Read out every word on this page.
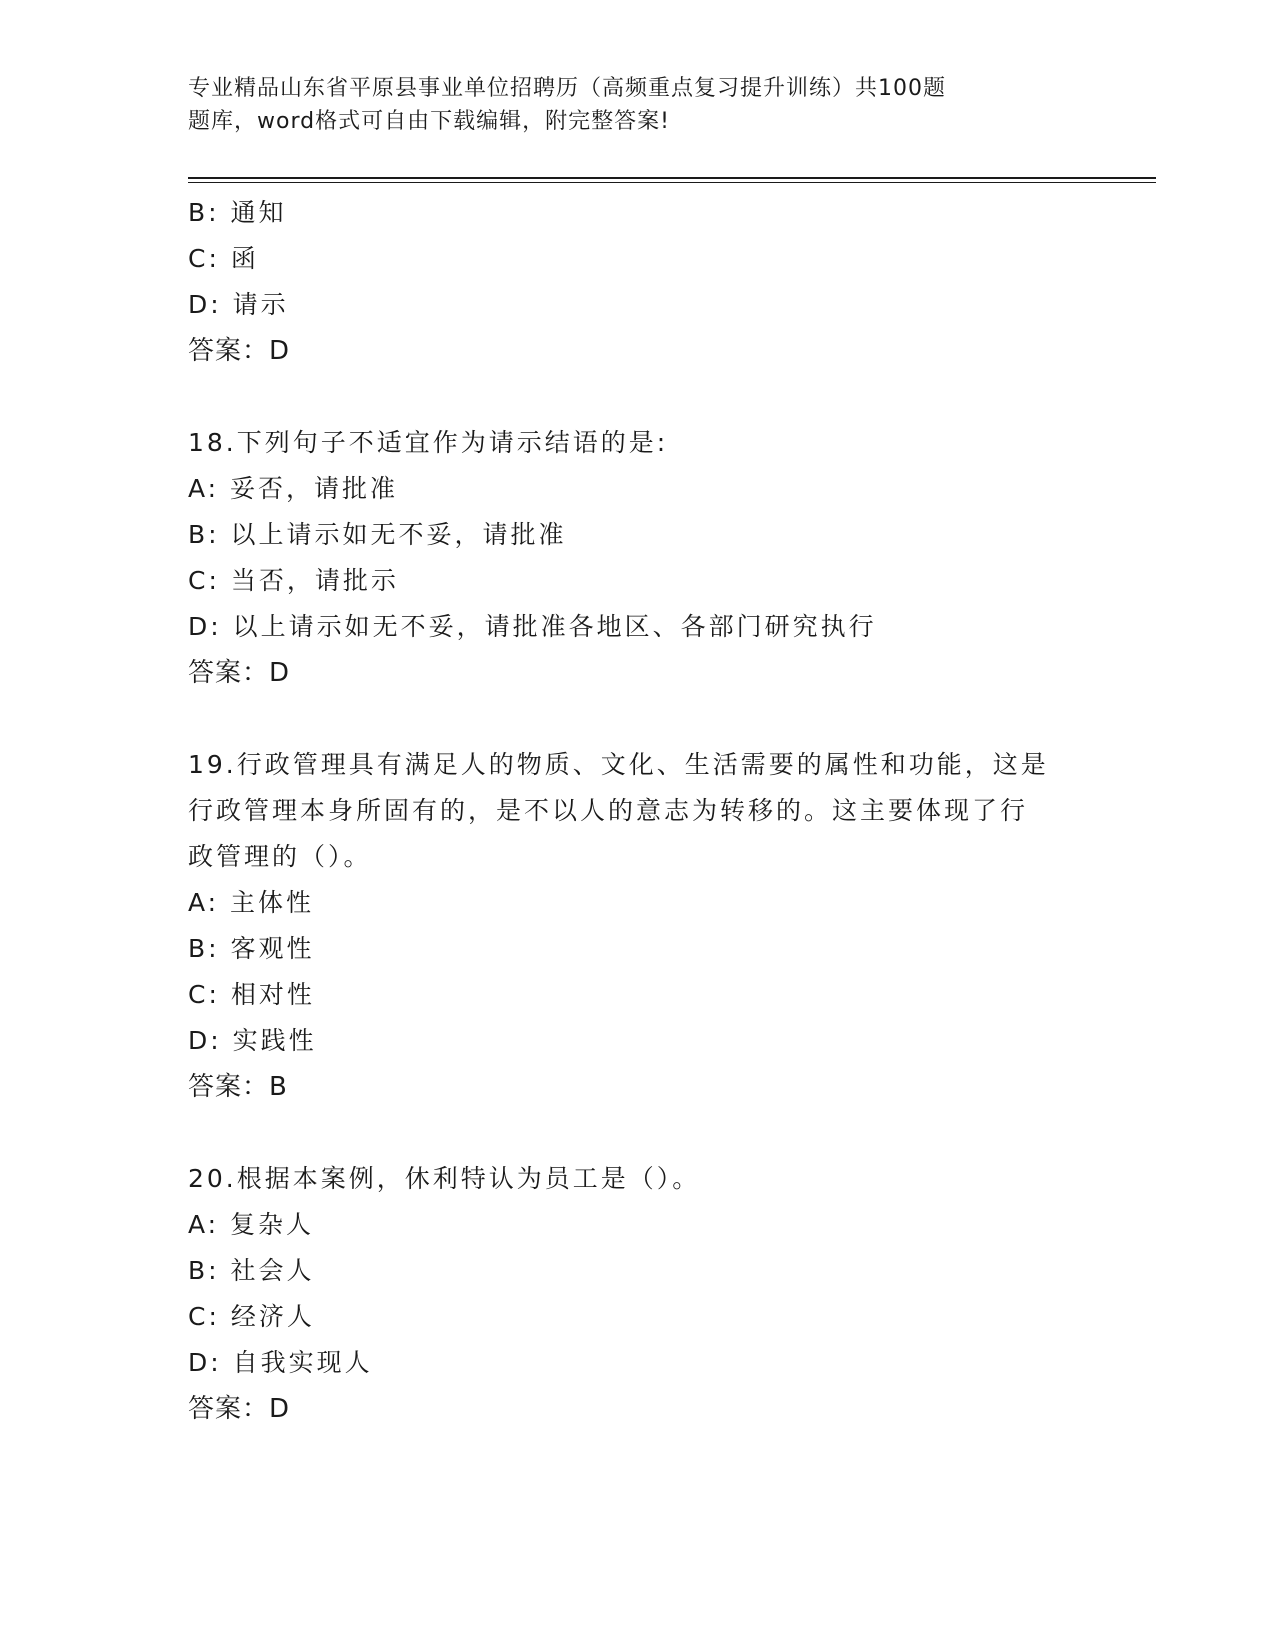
专业精品山东省平原县事业单位招聘历（高频重点复习提升训练）共100题
题库，word格式可自由下载编辑，附完整答案!
B: 通知
C: 函
D: 请示
答案：D
18.下列句子不适宜作为请示结语的是:
A: 妥否，请批准
B: 以上请示如无不妥，请批准
C: 当否，请批示
D: 以上请示如无不妥，请批准各地区、各部门研究执行
答案：D
19.行政管理具有满足人的物质、文化、生活需要的属性和功能，这是
行政管理本身所固有的，是不以人的意志为转移的。这主要体现了行
政管理的（）。
A: 主体性
B: 客观性
C: 相对性
D: 实践性
答案：B
20.根据本案例，休利特认为员工是（）。
A: 复杂人
B: 社会人
C: 经济人
D: 自我实现人
答案：D
